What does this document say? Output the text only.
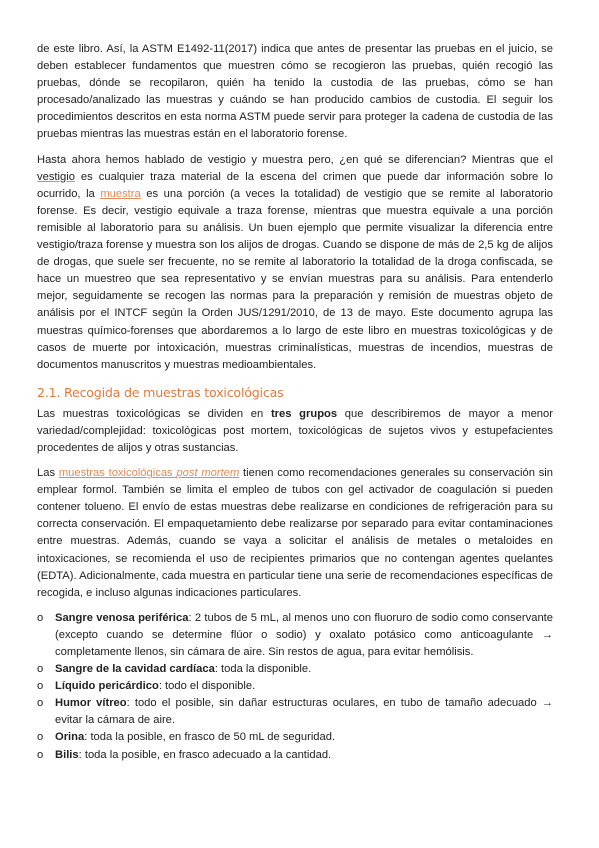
de este libro. Así, la ASTM E1492-11(2017) indica que antes de presentar las pruebas en el juicio, se deben establecer fundamentos que muestren cómo se recogieron las pruebas, quién recogió las pruebas, dónde se recopilaron, quién ha tenido la custodia de las pruebas, cómo se han procesado/analizado las muestras y cuándo se han producido cambios de custodia. El seguir los procedimientos descritos en esta norma ASTM puede servir para proteger la cadena de custodia de las pruebas mientras las muestras están en el laboratorio forense.

Hasta ahora hemos hablado de vestigio y muestra pero, ¿en qué se diferencian? Mientras que el vestigio es cualquier traza material de la escena del crimen que puede dar información sobre lo ocurrido, la muestra es una porción (a veces la totalidad) de vestigio que se remite al laboratorio forense. Es decir, vestigio equivale a traza forense, mientras que muestra equivale a una porción remisible al laboratorio para su análisis. Un buen ejemplo que permite visualizar la diferencia entre vestigio/traza forense y muestra son los alijos de drogas. Cuando se dispone de más de 2,5 kg de alijos de drogas, que suele ser frecuente, no se remite al laboratorio la totalidad de la droga confiscada, se hace un muestreo que sea representativo y se envían muestras para su análisis. Para entenderlo mejor, seguidamente se recogen las normas para la preparación y remisión de muestras objeto de análisis por el INTCF según la Orden JUS/1291/2010, de 13 de mayo. Este documento agrupa las muestras químico-forenses que abordaremos a lo largo de este libro en muestras toxicológicas y de casos de muerte por intoxicación, muestras criminalísticas, muestras de incendios, muestras de documentos manuscritos y muestras medioambientales.

2.1. Recogida de muestras toxicológicas

Las muestras toxicológicas se dividen en tres grupos que describiremos de mayor a menor variedad/complejidad: toxicológicas post mortem, toxicológicas de sujetos vivos y estupefacientes procedentes de alijos y otras sustancias.

Las muestras toxicológicas post mortem tienen como recomendaciones generales su conservación sin emplear formol. También se limita el empleo de tubos con gel activador de coagulación si pueden contener tolueno. El envío de estas muestras debe realizarse en condiciones de refrigeración para su correcta conservación. El empaquetamiento debe realizarse por separado para evitar contaminaciones entre muestras. Además, cuando se vaya a solicitar el análisis de metales o metaloides en intoxicaciones, se recomienda el uso de recipientes primarios que no contengan agentes quelantes (EDTA). Adicionalmente, cada muestra en particular tiene una serie de recomendaciones específicas de recogida, e incluso algunas indicaciones particulares.

o Sangre venosa periférica: 2 tubos de 5 mL, al menos uno con fluoruro de sodio como conservante (excepto cuando se determine flúor o sodio) y oxalato potásico como anticoagulante → completamente llenos, sin cámara de aire. Sin restos de agua, para evitar hemólisis.
o Sangre de la cavidad cardíaca: toda la disponible.
o Líquido pericárdico: todo el disponible.
o Humor vítreo: todo el posible, sin dañar estructuras oculares, en tubo de tamaño adecuado → evitar la cámara de aire.
o Orina: toda la posible, en frasco de 50 mL de seguridad.
o Bilis: toda la posible, en frasco adecuado a la cantidad.
